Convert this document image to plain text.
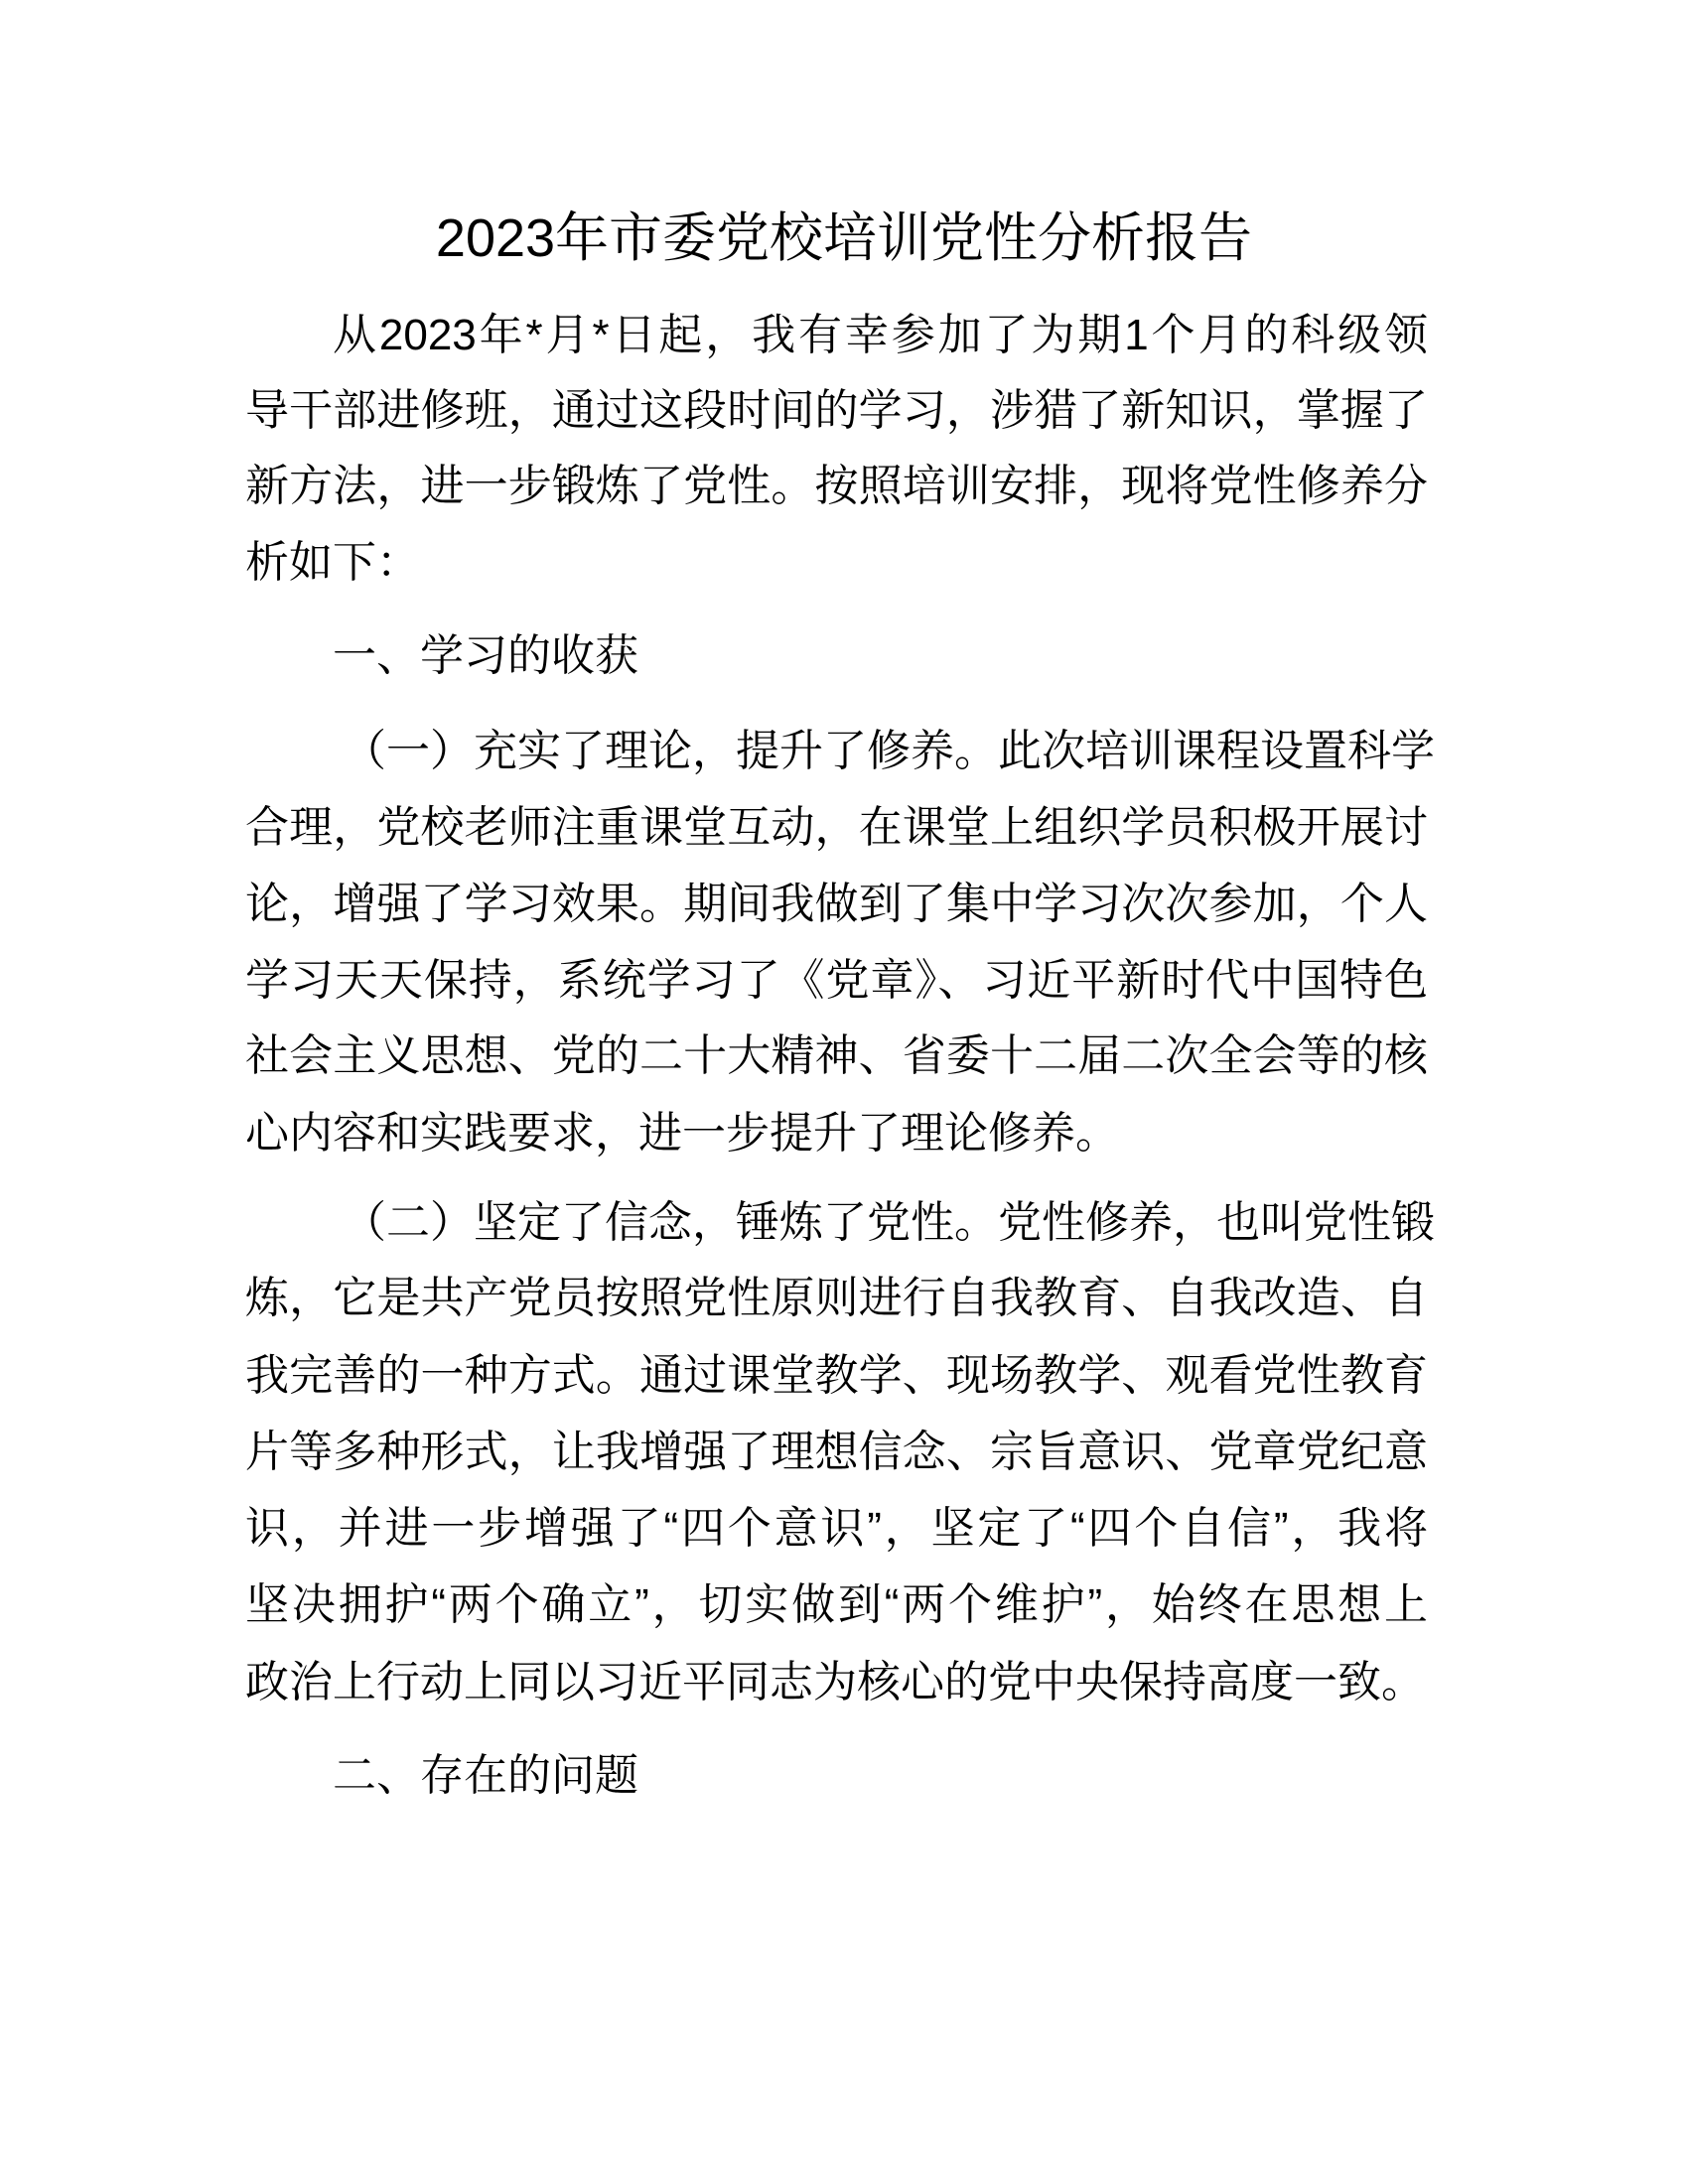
2023年市委党校培训党性分析报告
从2023年*月*日起，我有幸参加了为期1个月的科级领
导干部进修班，通过这段时间的学习，涉猎了新知识，掌握了
新方法，进一步锻炼了党性。按照培训安排，现将党性修养分
析如下：
一、学习的收获
（一）充实了理论，提升了修养。此次培训课程设置科学
合理，党校老师注重课堂互动，在课堂上组织学员积极开展讨
论，增强了学习效果。期间我做到了集中学习次次参加，个人
学习天天保持，系统学习了《党章》、习近平新时代中国特色
社会主义思想、党的二十大精神、省委十二届二次全会等的核
心内容和实践要求，进一步提升了理论修养。
（二）坚定了信念，锤炼了党性。党性修养，也叫党性锻
炼，它是共产党员按照党性原则进行自我教育、自我改造、自
我完善的一种方式。通过课堂教学、现场教学、观看党性教育
片等多种形式，让我增强了理想信念、宗旨意识、党章党纪意
识，并进一步增强了“四个意识”，坚定了“四个自信”，我将
坚决拥护“两个确立”，切实做到“两个维护”，始终在思想上
政治上行动上同以习近平同志为核心的党中央保持高度一致。
二、存在的问题
